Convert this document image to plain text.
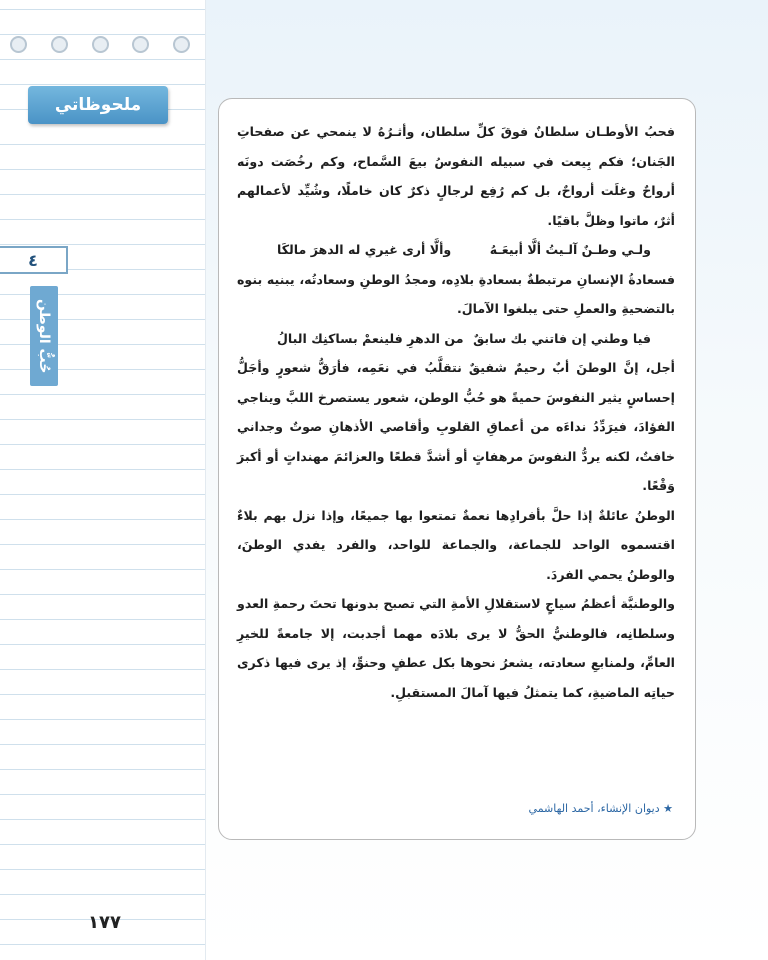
ملحوظاتي
٤
حُبُّ الوطن
١٧٧

فحبُ الأوطـان سلطانٌ فوقَ كلِّ سلطان، وأثـرُهُ لا ينمحي عن صفحاتِ الجَنان؛ فكم بِيعت في سبيله النفوسُ بيعَ السَّماح، وكم رخُصَت دونَه أرواحٌ وغلَت أرواحٌ، بل كم رُفِع لرجالٍ ذكرٌ كان خاملًا، وشُيِّد لأعمالهم أثرٌ، ماتوا وظلَّ باقيًا.

ولـي وطـنٌ آلـيتُ ألَّا أبيعَـهُ
وألَّا أرى غيري له الدهرَ مالكَا

فسعادةُ الإنسانِ مرتبطةٌ بسعادةِ بلادِه، ومجدُ الوطنِ وسعادتُه، يبنيه بنوه بالتضحيةِ والعملِ حتى يبلغوا الآمالَ.

فيا وطني إن فاتني بك سابقٌ
من الدهرِ فلينعمْ بساكنِك البالُ

أجل، إنَّ الوطنَ أبٌ رحيمٌ شفيقٌ نتقلَّبُ في نعَمِه، فأرَقُّ شعورٍ وأجَلُّ إحساسٍ يثير النفوسَ حميةً هو حُبُّ الوطن، شعور يستصرخ اللبَّ ويناجي الفؤادَ، فيرَدِّدُ نداءَه من أعماقِ القلوبِ وأقاصي الأذهانِ صوتٌ وجداني خافتٌ، لكنه يردُّ النفوسَ مرهفاتٍ أو أشدَّ قطعًا والعزائمَ مهنداتٍ أو أكبرَ وَقْعًا.

الوطنُ عائلةٌ إذا حلَّ بأفرادِها نعمةٌ تمتعوا بها جميعًا، وإذا نزل بهم بلاءٌ اقتسموه الواحد للجماعة، والجماعة للواحد، والفرد يفدي الوطنَ، والوطنُ يحمي الفردَ.

والوطنيَّة أعظمُ سياجٍ لاستقلالِ الأمةِ التي تصبح بدونها تحتَ رحمةِ العدو وسلطانِه، فالوطنيُّ الحقُّ لا يرى بلادَه مهما أجدبت، إلا جامعةً للخيرِ العامِّ، ولمنابعِ سعادته، يشعرُ نحوها بكل عطفٍ وحنوٍّ، إذ يرى فيها ذكرى حياتِه الماضيةِ، كما يتمثلُ فيها آمالَ المستقبلِ.

★ ديوان الإنشاء، أحمد الهاشمي
